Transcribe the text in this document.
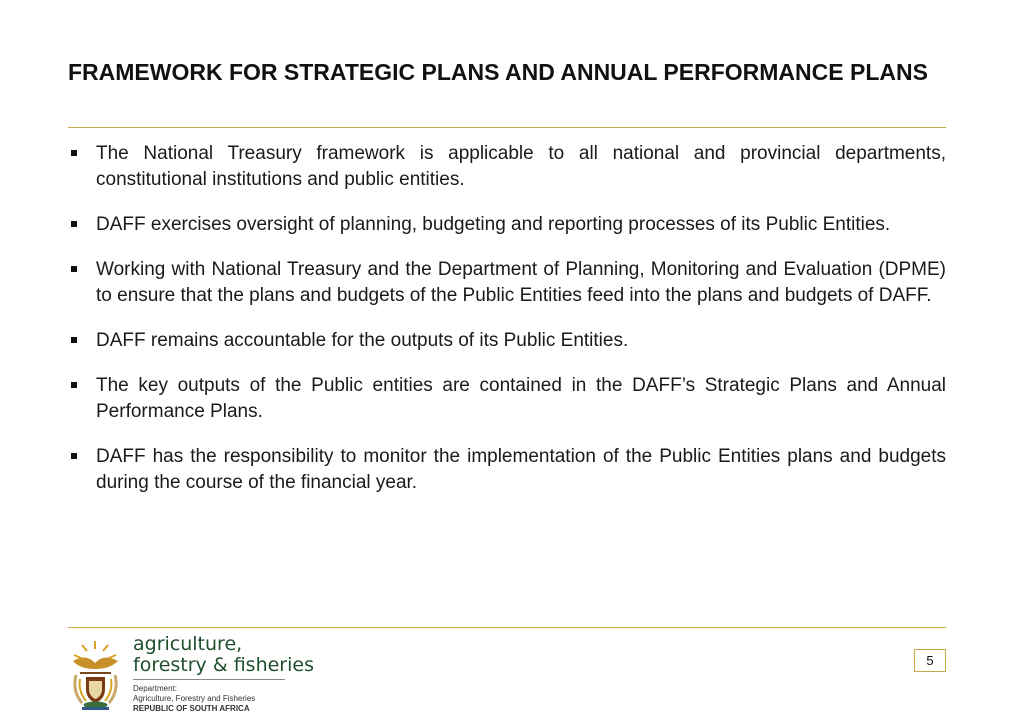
FRAMEWORK FOR STRATEGIC PLANS AND ANNUAL PERFORMANCE PLANS
The National Treasury framework is applicable to all national and provincial departments, constitutional institutions and public entities.
DAFF exercises oversight of planning, budgeting and reporting processes of its Public Entities.
Working with National Treasury and the Department of Planning, Monitoring and Evaluation (DPME) to ensure that the plans and budgets of the Public Entities feed into the plans and budgets of DAFF.
DAFF remains accountable for the outputs of its Public Entities.
The key outputs of the Public entities are contained in the DAFF’s Strategic Plans and Annual Performance Plans.
DAFF has the responsibility to monitor the implementation of the Public Entities plans and budgets during the course of the financial year.
agriculture,
forestry & fisheries
Department:
Agriculture, Forestry and Fisheries
REPUBLIC OF SOUTH AFRICA
5
